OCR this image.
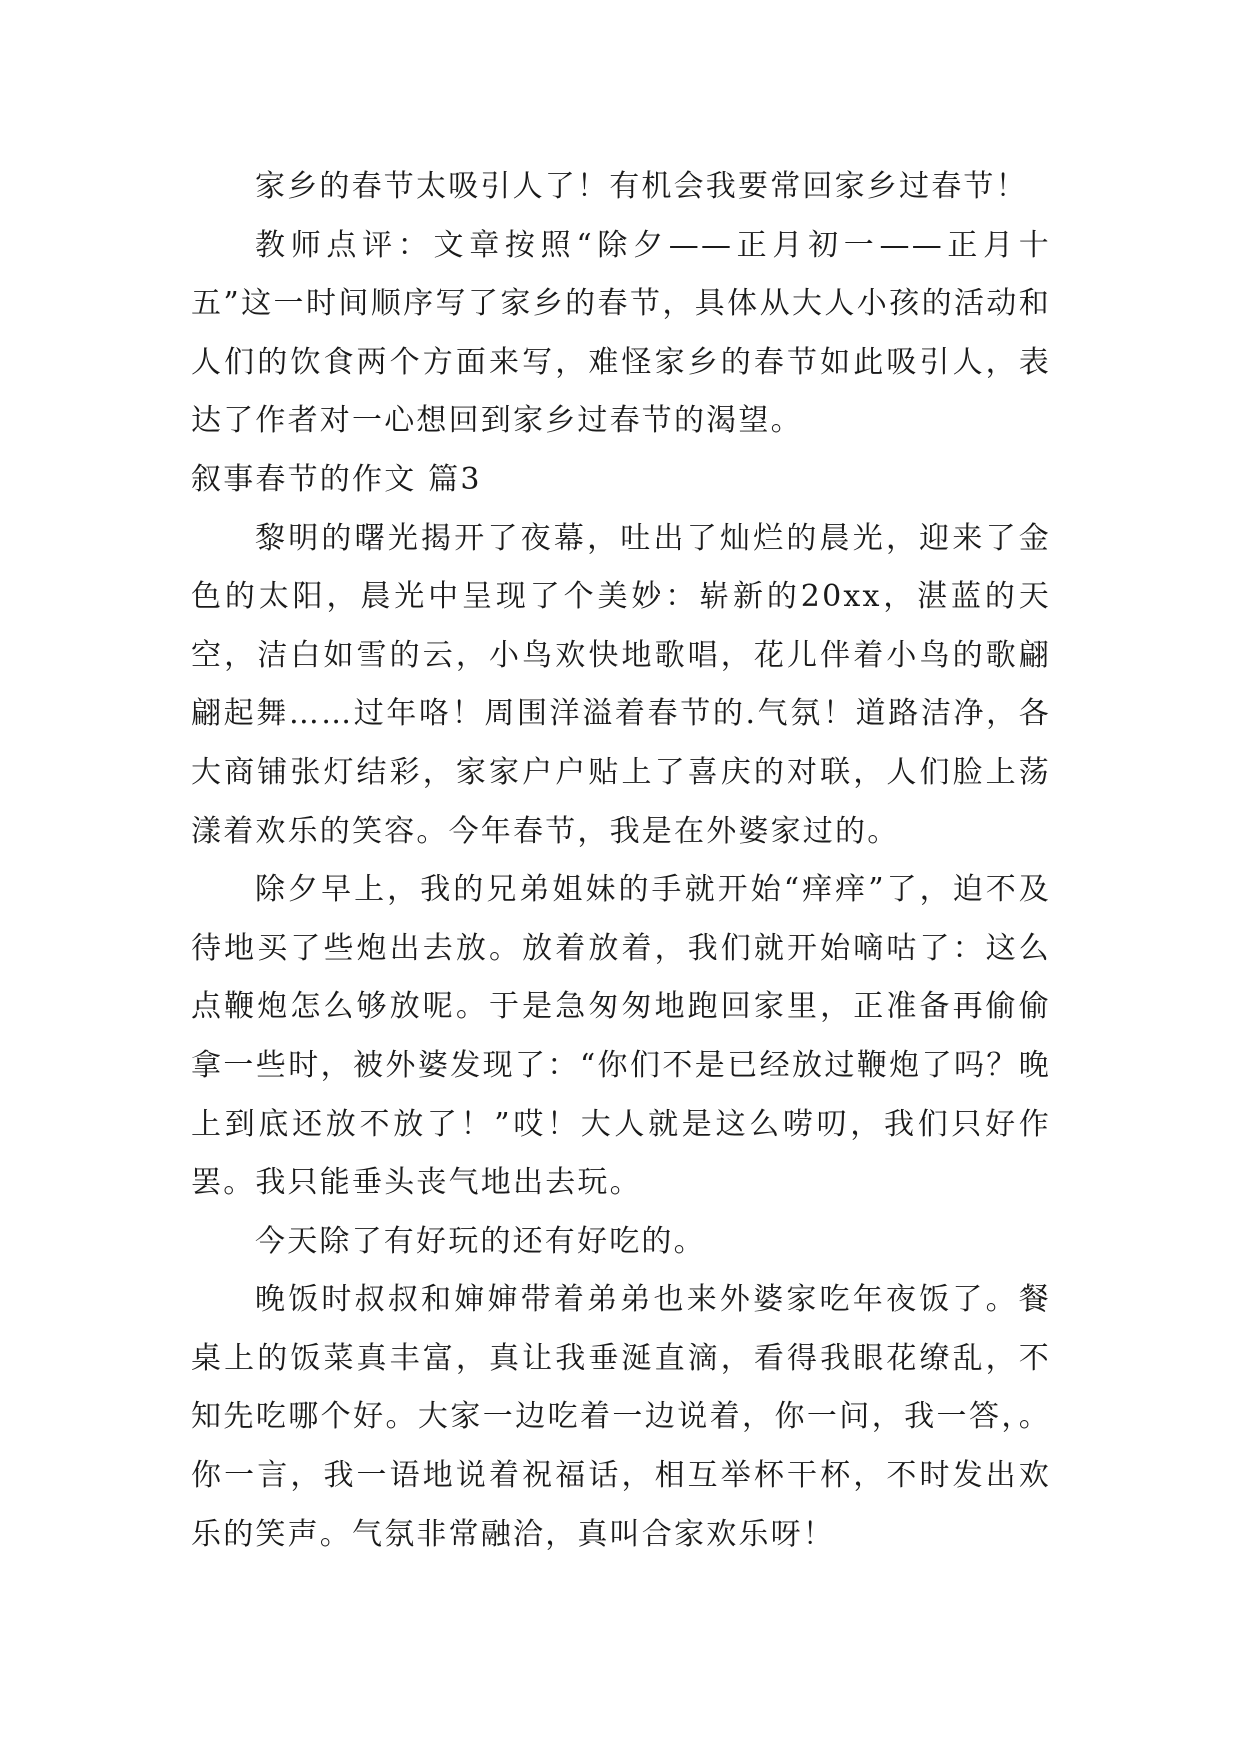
家乡的春节太吸引人了！有机会我要常回家乡过春节！

教师点评：文章按照“除夕——正月初一——正月十五”这一时间顺序写了家乡的春节，具体从大人小孩的活动和人们的饮食两个方面来写，难怪家乡的春节如此吸引人，表达了作者对一心想回到家乡过春节的渴望。

叙事春节的作文 篇3

黎明的曙光揭开了夜幕，吐出了灿烂的晨光，迎来了金色的太阳，晨光中呈现了个美妙：崭新的20xx，湛蓝的天空，洁白如雪的云，小鸟欢快地歌唱，花儿伴着小鸟的歌翩翩起舞……过年咯！周围洋溢着春节的.气氛！道路洁净，各大商铺张灯结彩，家家户户贴上了喜庆的对联，人们脸上荡漾着欢乐的笑容。今年春节，我是在外婆家过的。

除夕早上，我的兄弟姐妹的手就开始“痒痒”了，迫不及待地买了些炮出去放。放着放着，我们就开始嘀咕了：这么点鞭炮怎么够放呢。于是急匆匆地跑回家里，正准备再偷偷拿一些时，被外婆发现了：“你们不是已经放过鞭炮了吗？晚上到底还放不放了！”哎！大人就是这么唠叨，我们只好作罢。我只能垂头丧气地出去玩。

今天除了有好玩的还有好吃的。

晚饭时叔叔和婶婶带着弟弟也来外婆家吃年夜饭了。餐桌上的饭菜真丰富，真让我垂涎直滴，看得我眼花缭乱，不知先吃哪个好。大家一边吃着一边说着，你一问，我一答，。你一言，我一语地说着祝福话，相互举杯干杯，不时发出欢乐的笑声。气氛非常融洽，真叫合家欢乐呀！
